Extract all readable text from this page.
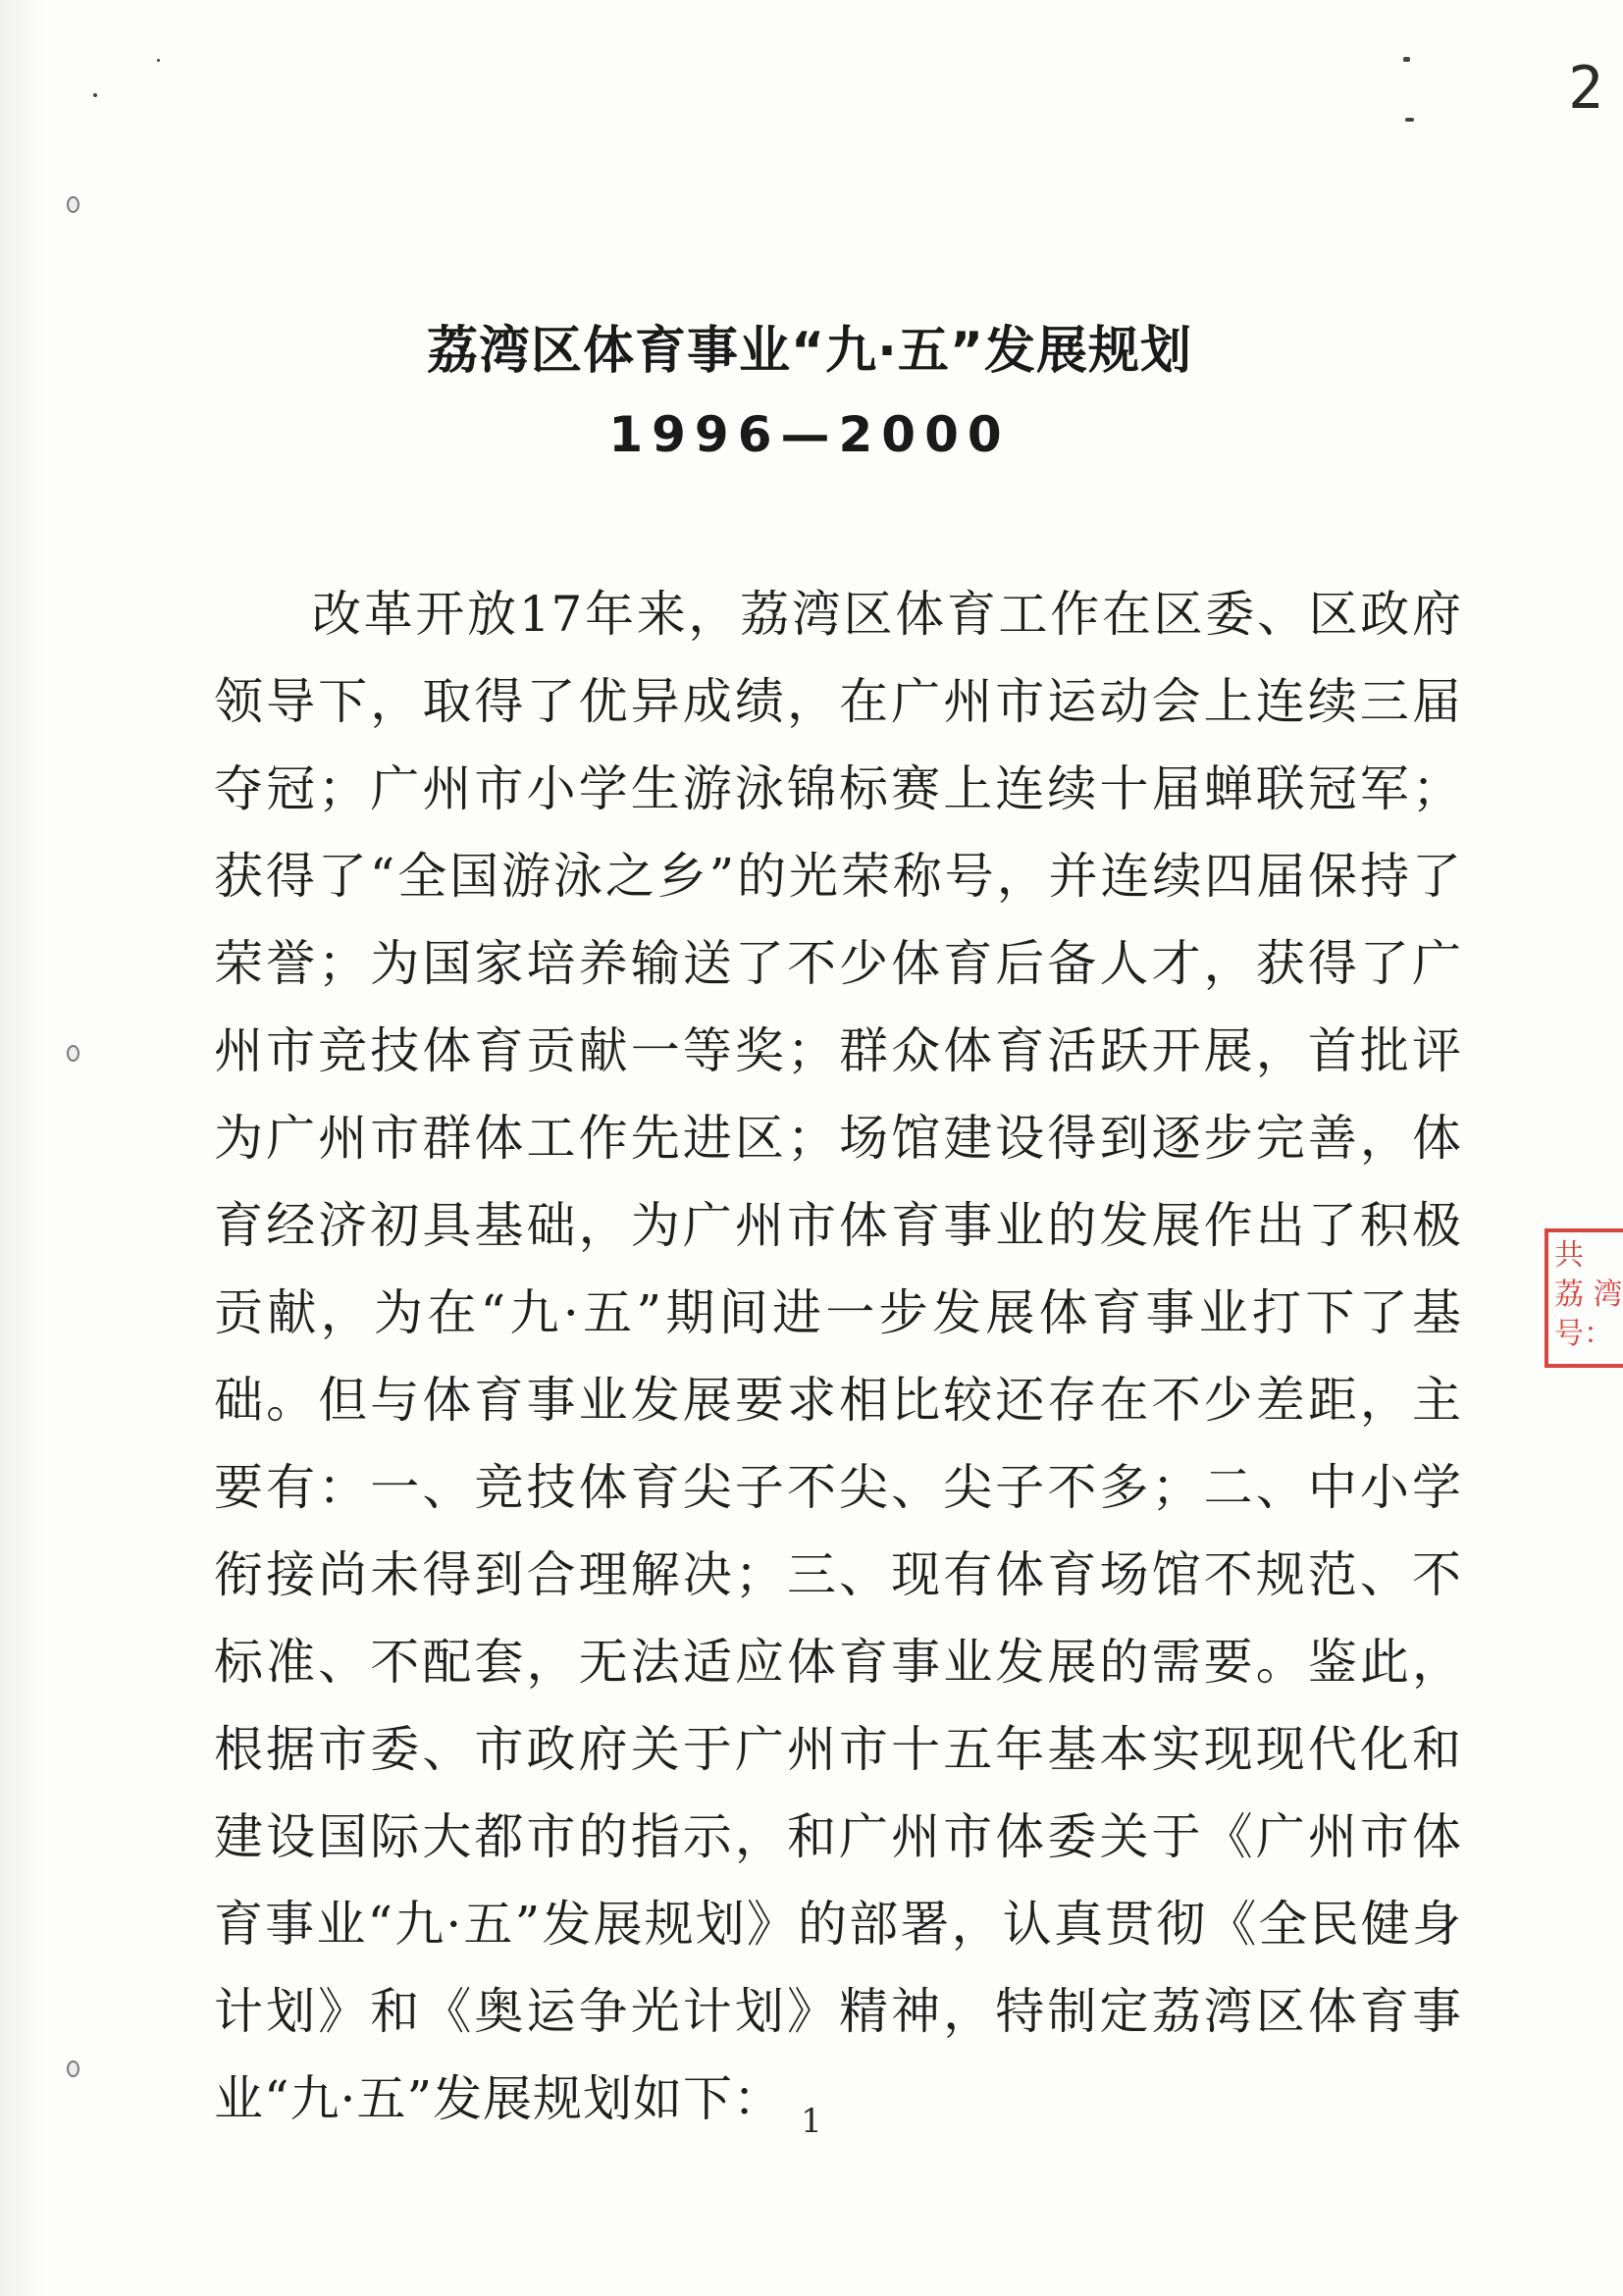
2
荔湾区体育事业“九·五”发展规划
1996—2000

改革开放17年来，荔湾区体育工作在区委、区政府领导下，取得了优异成绩，在广州市运动会上连续三届夺冠；广州市小学生游泳锦标赛上连续十届蝉联冠军；获得了“全国游泳之乡”的光荣称号，并连续四届保持了荣誉；为国家培养输送了不少体育后备人才，获得了广州市竞技体育贡献一等奖；群众体育活跃开展，首批评为广州市群体工作先进区；场馆建设得到逐步完善，体育经济初具基础，为广州市体育事业的发展作出了积极贡献，为在“九·五”期间进一步发展体育事业打下了基础。但与体育事业发展要求相比较还存在不少差距，主要有：一、竞技体育尖子不尖、尖子不多；二、中小学衔接尚未得到合理解决；三、现有体育场馆不规范、不标准、不配套，无法适应体育事业发展的需要。鉴此，根据市委、市政府关于广州市十五年基本实现现代化和建设国际大都市的指示，和广州市体委关于《广州市体育事业“九·五”发展规划》的部署，认真贯彻《全民健身计划》和《奥运争光计划》精神，特制定荔湾区体育事业“九·五”发展规划如下：

共
荔 湾
号：
1
